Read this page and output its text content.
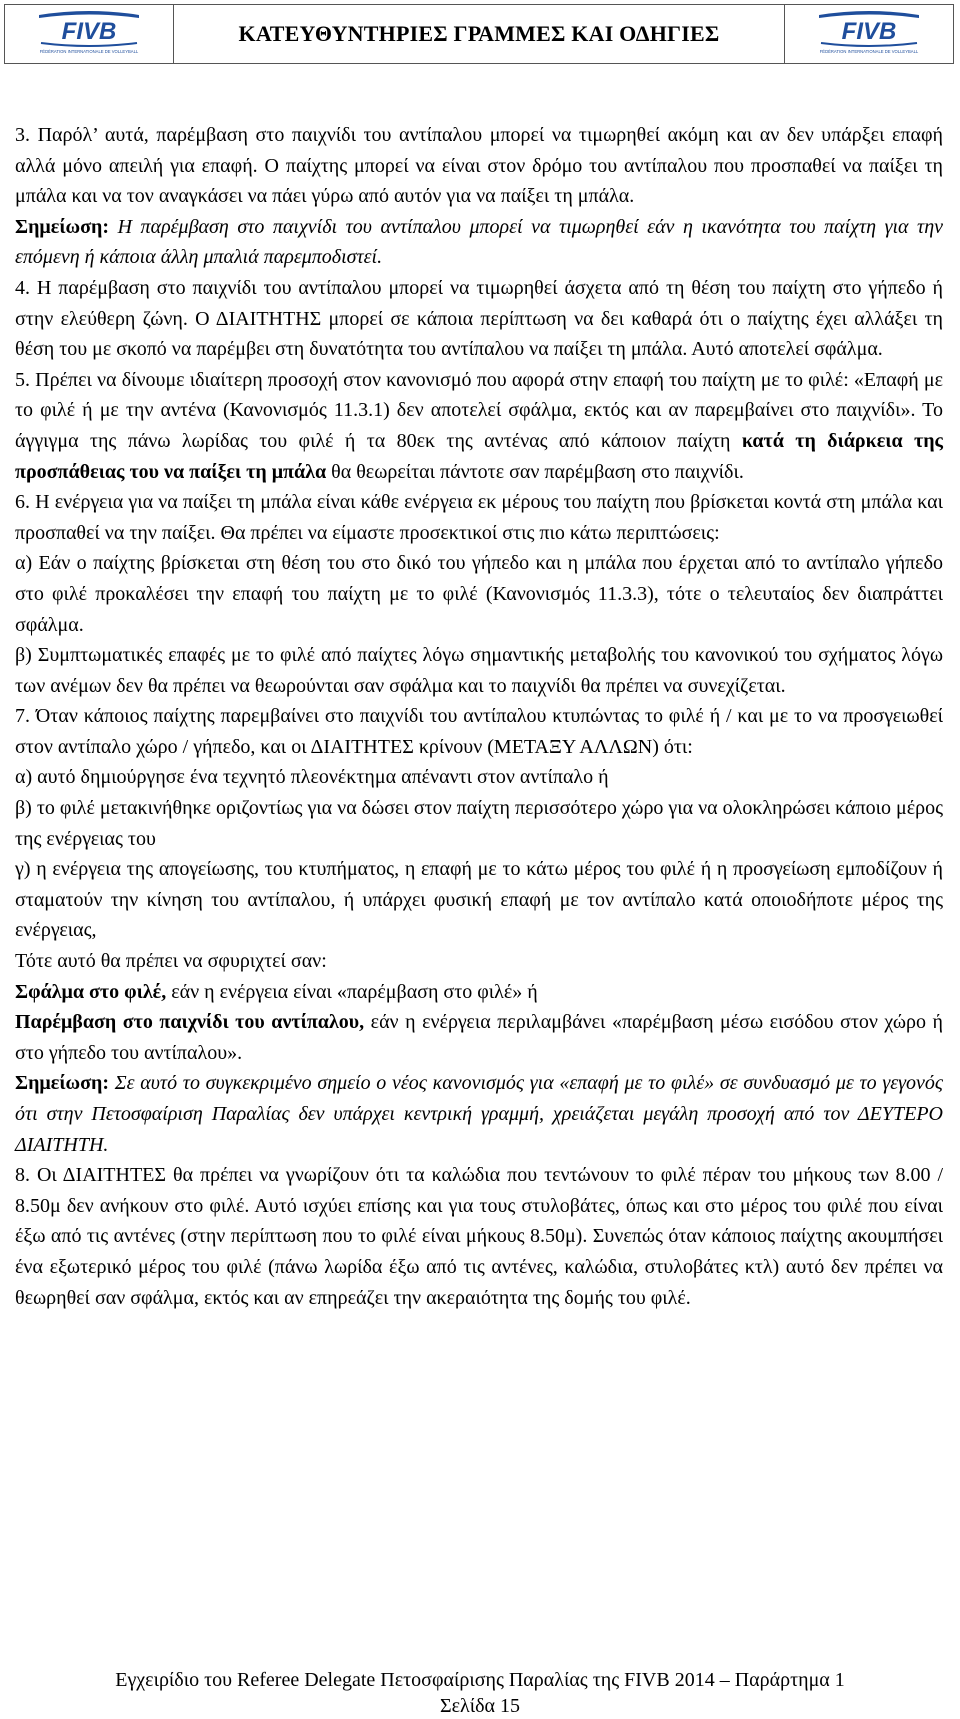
FIVB
FÉDÉRATION INTERNATIONALE DE VOLLEYBALL
ΚΑΤΕΥΘΥΝΤΗΡΙΕΣ ΓΡΑΜΜΕΣ ΚΑΙ ΟΔΗΓΙΕΣ	FIVB
FÉDÉRATION INTERNATIONALE DE VOLLEYBALL

3. Παρόλ’ αυτά, παρέμβαση στο παιχνίδι του αντίπαλου μπορεί να τιμωρηθεί ακόμη και αν δεν υπάρξει επαφή αλλά μόνο απειλή για επαφή. Ο παίχτης μπορεί να είναι στον δρόμο του αντίπαλου που προσπαθεί να παίξει τη μπάλα και να τον αναγκάσει να πάει γύρω από αυτόν για να παίξει τη μπάλα.

Σημείωση: Η παρέμβαση στο παιχνίδι του αντίπαλου μπορεί να τιμωρηθεί εάν η ικανότητα του παίχτη για την επόμενη ή κάποια άλλη μπαλιά παρεμποδιστεί.

4. Η παρέμβαση στο παιχνίδι του αντίπαλου μπορεί να τιμωρηθεί άσχετα από τη θέση του παίχτη στο γήπεδο ή στην ελεύθερη ζώνη. Ο ΔΙΑΙΤΗΤΗΣ μπορεί σε κάποια περίπτωση να δει καθαρά ότι ο παίχτης έχει αλλάξει τη θέση του με σκοπό να παρέμβει στη δυνατότητα του αντίπαλου να παίξει τη μπάλα. Αυτό αποτελεί σφάλμα.

5. Πρέπει να δίνουμε ιδιαίτερη προσοχή στον κανονισμό που αφορά στην επαφή του παίχτη με το φιλέ: «Επαφή με το φιλέ ή με την αντένα (Κανονισμός 11.3.1) δεν αποτελεί σφάλμα, εκτός και αν παρεμβαίνει στο παιχνίδι». Το άγγιγμα της πάνω λωρίδας του φιλέ ή τα 80εκ της αντένας από κάποιον παίχτη κατά τη διάρκεια της προσπάθειας του να παίξει τη μπάλα θα θεωρείται πάντοτε σαν παρέμβαση στο παιχνίδι.

6. Η ενέργεια για να παίξει τη μπάλα είναι κάθε ενέργεια εκ μέρους του παίχτη που βρίσκεται κοντά στη μπάλα και προσπαθεί να την παίξει. Θα πρέπει να είμαστε προσεκτικοί στις πιο κάτω περιπτώσεις:

α) Εάν ο παίχτης βρίσκεται στη θέση του στο δικό του γήπεδο και η μπάλα που έρχεται από το αντίπαλο γήπεδο στο φιλέ προκαλέσει την επαφή του παίχτη με το φιλέ (Κανονισμός 11.3.3), τότε ο τελευταίος δεν διαπράττει σφάλμα.

β) Συμπτωματικές επαφές με το φιλέ από παίχτες λόγω σημαντικής μεταβολής του κανονικού του σχήματος λόγω των ανέμων δεν θα πρέπει να θεωρούνται σαν σφάλμα και το παιχνίδι θα πρέπει να συνεχίζεται.

7. Όταν κάποιος παίχτης παρεμβαίνει στο παιχνίδι του αντίπαλου κτυπώντας το φιλέ ή / και με το να προσγειωθεί στον αντίπαλο χώρο / γήπεδο, και οι ΔΙΑΙΤΗΤΕΣ κρίνουν (ΜΕΤΑΞΥ ΑΛΛΩΝ) ότι:

α) αυτό δημιούργησε ένα τεχνητό πλεονέκτημα απέναντι στον αντίπαλο ή

β) το φιλέ μετακινήθηκε οριζοντίως για να δώσει στον παίχτη περισσότερο χώρο για να ολοκληρώσει κάποιο μέρος της ενέργειας του

γ) η ενέργεια της απογείωσης, του κτυπήματος, η επαφή με το κάτω μέρος του φιλέ ή η προσγείωση εμποδίζουν ή σταματούν την κίνηση του αντίπαλου, ή υπάρχει φυσική επαφή με τον αντίπαλο κατά οποιοδήποτε μέρος της ενέργειας,

Τότε αυτό θα πρέπει να σφυριχτεί σαν:

Σφάλμα στο φιλέ, εάν η ενέργεια είναι «παρέμβαση στο φιλέ» ή

Παρέμβαση στο παιχνίδι του αντίπαλου, εάν η ενέργεια περιλαμβάνει «παρέμβαση μέσω εισόδου στον χώρο ή στο γήπεδο του αντίπαλου».

Σημείωση: Σε αυτό το συγκεκριμένο σημείο ο νέος κανονισμός για «επαφή με το φιλέ» σε συνδυασμό με το γεγονός ότι στην Πετοσφαίριση Παραλίας δεν υπάρχει κεντρική γραμμή, χρειάζεται μεγάλη προσοχή από τον ΔΕΥΤΕΡΟ ΔΙΑΙΤΗΤΗ.

8. Οι ΔΙΑΙΤΗΤΕΣ θα πρέπει να γνωρίζουν ότι τα καλώδια που τεντώνουν το φιλέ πέραν του μήκους των 8.00 / 8.50μ δεν ανήκουν στο φιλέ. Αυτό ισχύει επίσης και για τους στυλοβάτες, όπως και στο μέρος του φιλέ που είναι έξω από τις αντένες (στην περίπτωση που το φιλέ είναι μήκους 8.50μ). Συνεπώς όταν κάποιος παίχτης ακουμπήσει ένα εξωτερικό μέρος του φιλέ (πάνω λωρίδα έξω από τις αντένες, καλώδια, στυλοβάτες κτλ) αυτό δεν πρέπει να θεωρηθεί σαν σφάλμα, εκτός και αν επηρεάζει την ακεραιότητα της δομής του φιλέ.

Εγχειρίδιο του Referee Delegate Πετοσφαίρισης Παραλίας της FIVB 2014 – Παράρτημα 1
Σελίδα 15
